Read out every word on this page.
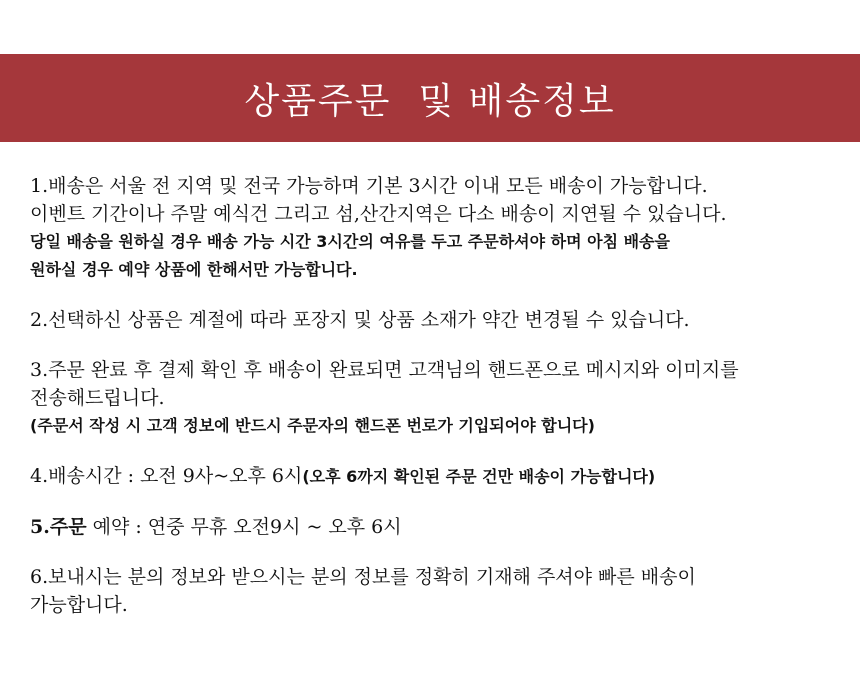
상품주문  및 배송정보
1.배송은 서울 전 지역 및 전국 가능하며 기본 3시간 이내 모든 배송이 가능합니다.
이벤트 기간이나 주말 예식건 그리고 섬,산간지역은 다소 배송이 지연될 수 있습니다.
당일 배송을 원하실 경우 배송 가능 시간 3시간의 여유를 두고 주문하셔야 하며 아침 배송을
원하실 경우 예약 상품에 한해서만 가능합니다.
2.선택하신 상품은 계절에 따라 포장지 및 상품 소재가 약간 변경될 수 있습니다.
3.주문 완료 후 결제 확인 후 배송이 완료되면 고객님의 핸드폰으로 메시지와 이미지를
전송해드립니다.
(주문서 작성 시 고객 정보에 반드시 주문자의 핸드폰 번로가 기입되어야 합니다)
4.배송시간 : 오전 9사~오후 6시(오후 6까지 확인된 주문 건만 배송이 가능합니다)
5.주문 예약 : 연중 무휴 오전9시 ~ 오후 6시
6.보내시는 분의 정보와 받으시는 분의 정보를 정확히 기재해 주셔야 빠른 배송이
가능합니다.
